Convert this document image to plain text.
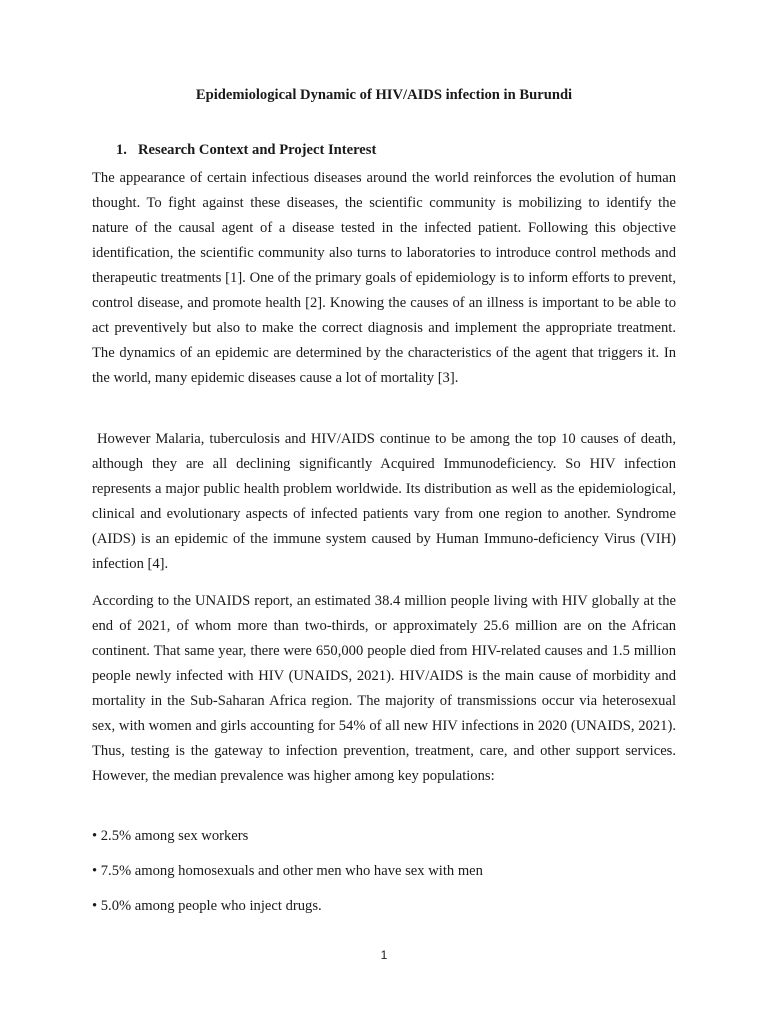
Epidemiological Dynamic of HIV/AIDS infection in Burundi
1. Research Context and Project Interest

The appearance of certain infectious diseases around the world reinforces the evolution of human thought. To fight against these diseases, the scientific community is mobilizing to identify the nature of the causal agent of a disease tested in the infected patient. Following this objective identification, the scientific community also turns to laboratories to introduce control methods and therapeutic treatments [1]. One of the primary goals of epidemiology is to inform efforts to prevent, control disease, and promote health [2]. Knowing the causes of an illness is important to be able to act preventively but also to make the correct diagnosis and implement the appropriate treatment. The dynamics of an epidemic are determined by the characteristics of the agent that triggers it. In the world, many epidemic diseases cause a lot of mortality [3].

However Malaria, tuberculosis and HIV/AIDS continue to be among the top 10 causes of death, although they are all declining significantly Acquired Immunodeficiency. So HIV infection represents a major public health problem worldwide. Its distribution as well as the epidemiological, clinical and evolutionary aspects of infected patients vary from one region to another. Syndrome (AIDS) is an epidemic of the immune system caused by Human Immuno-deficiency Virus (VIH) infection [4].

According to the UNAIDS report, an estimated 38.4 million people living with HIV globally at the end of 2021, of whom more than two-thirds, or approximately 25.6 million are on the African continent. That same year, there were 650,000 people died from HIV-related causes and 1.5 million people newly infected with HIV (UNAIDS, 2021). HIV/AIDS is the main cause of morbidity and mortality in the Sub-Saharan Africa region. The majority of transmissions occur via heterosexual sex, with women and girls accounting for 54% of all new HIV infections in 2020 (UNAIDS, 2021). Thus, testing is the gateway to infection prevention, treatment, care, and other support services. However, the median prevalence was higher among key populations:

• 2.5% among sex workers

• 7.5% among homosexuals and other men who have sex with men

• 5.0% among people who inject drugs.

1
